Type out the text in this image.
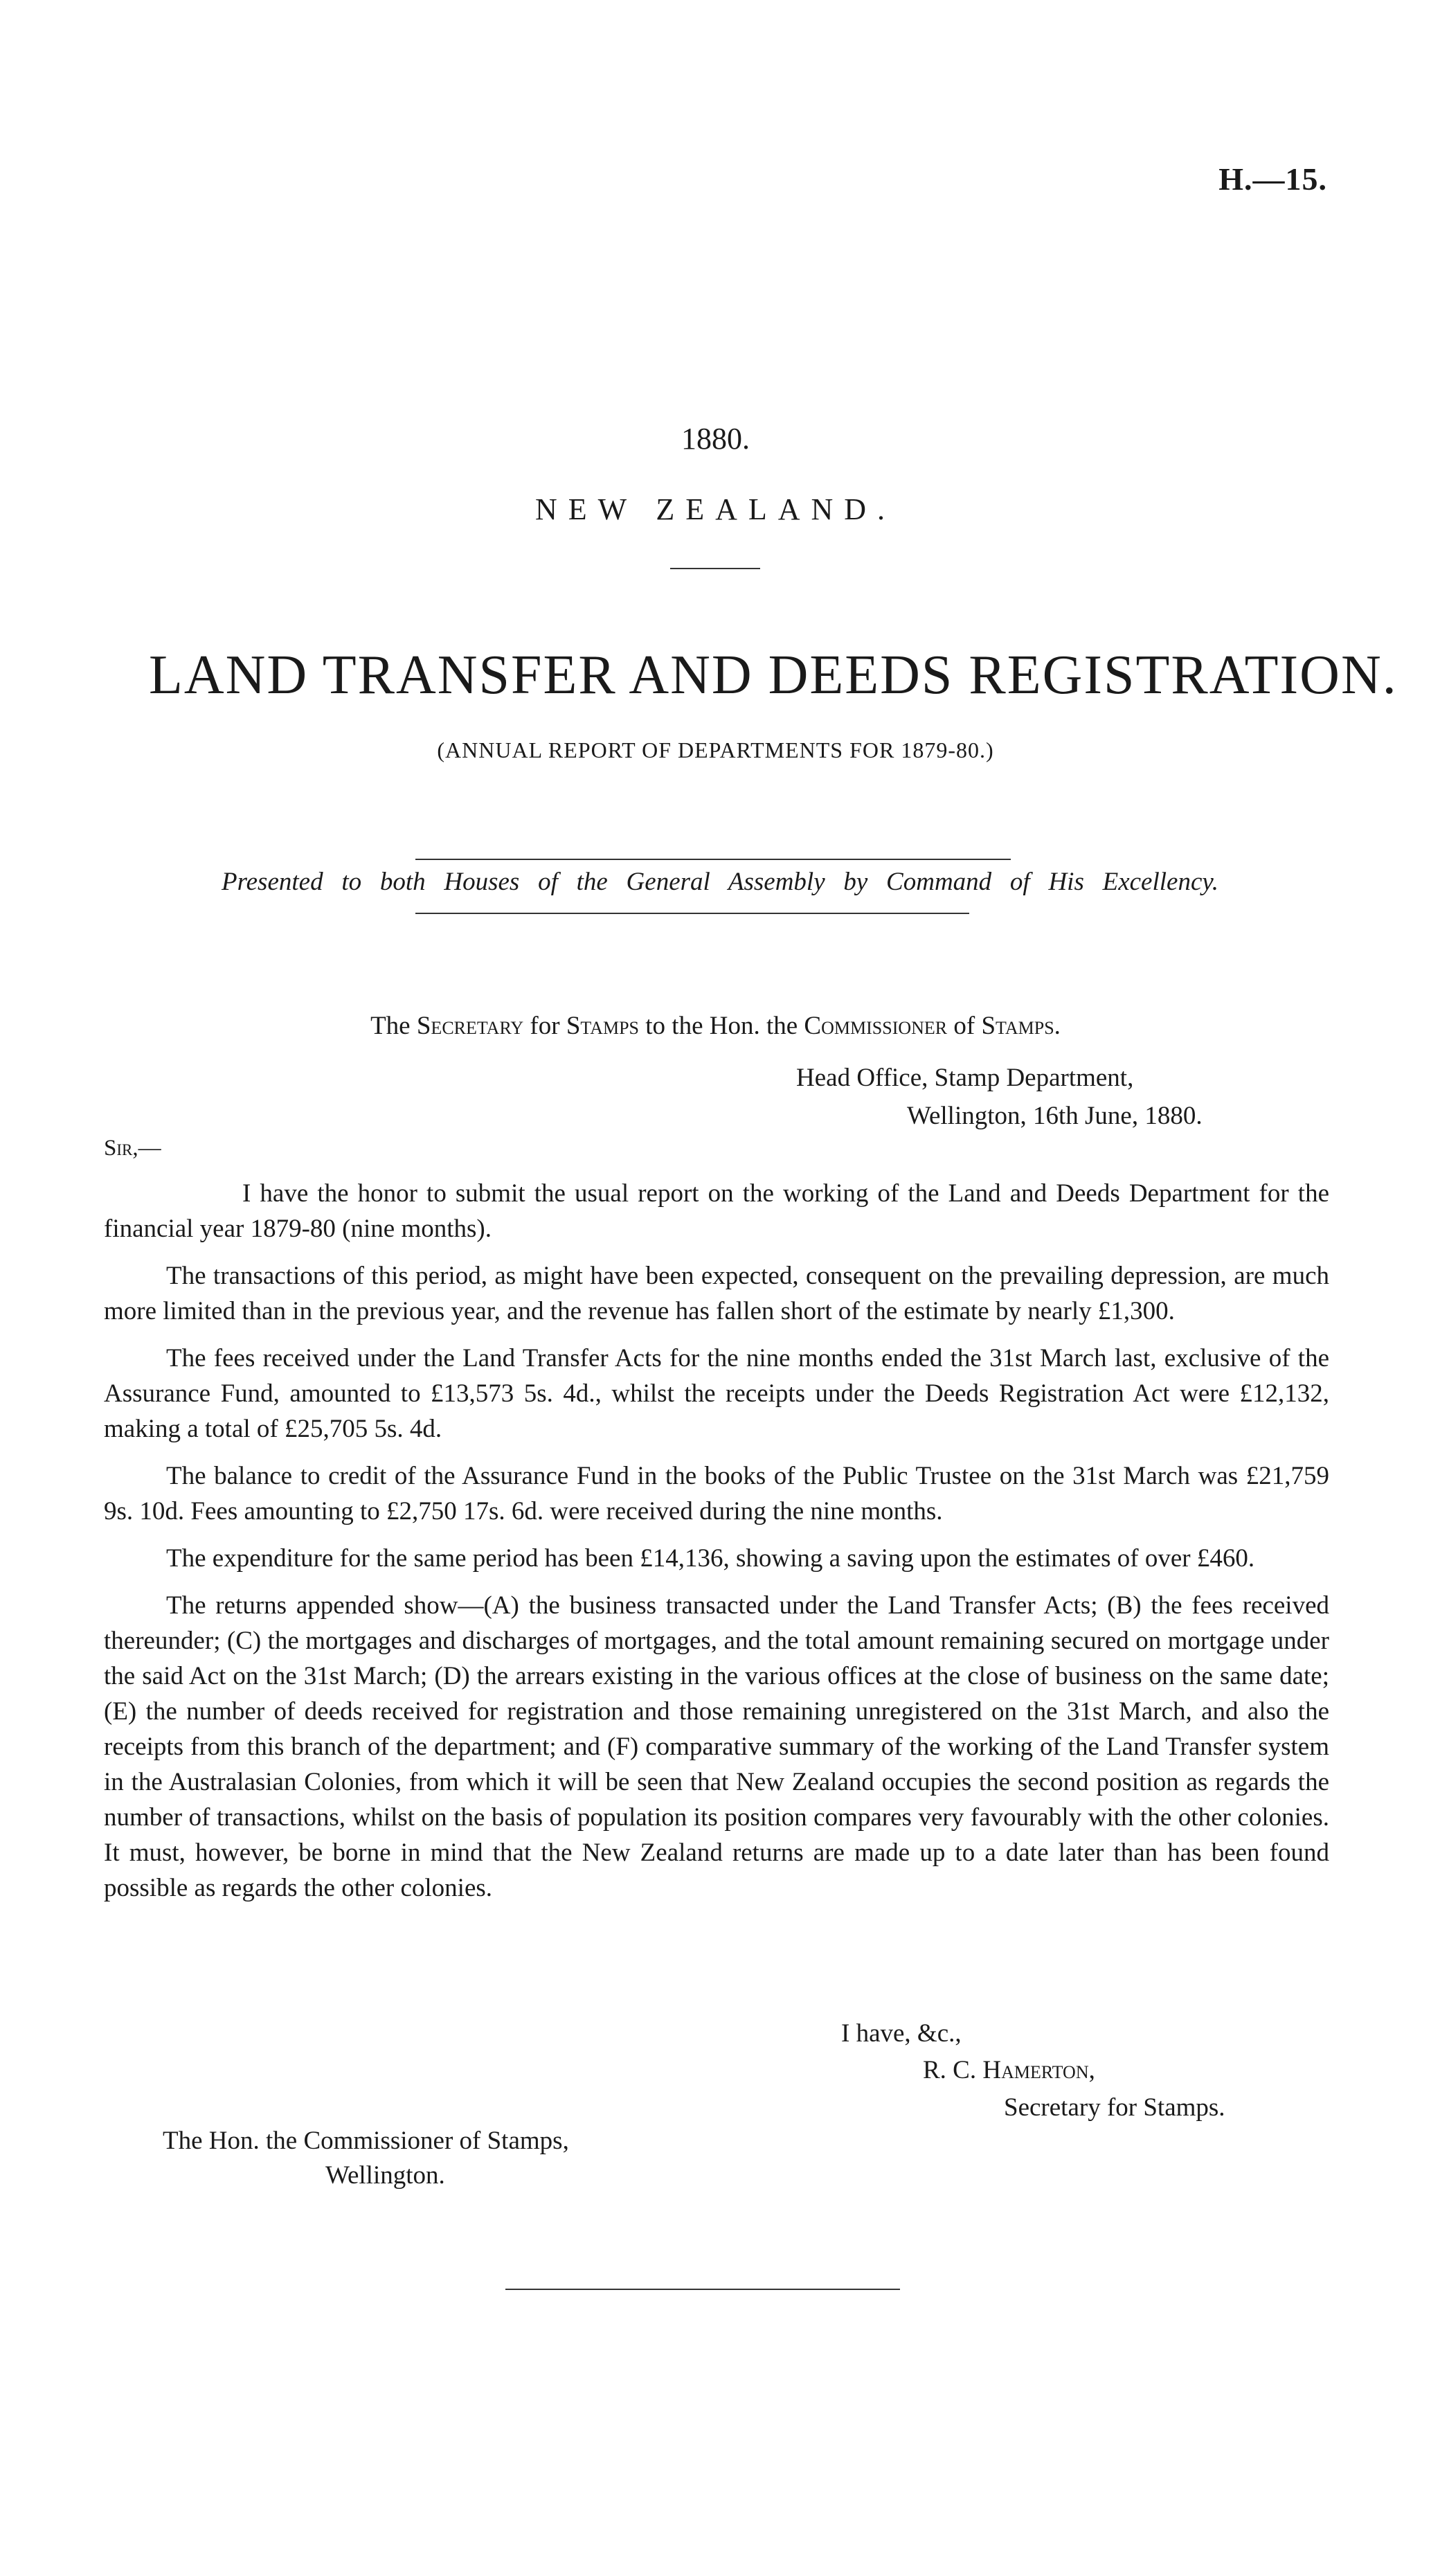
H.—15.
1880.
NEW ZEALAND.
LAND TRANSFER AND DEEDS REGISTRATION.
(ANNUAL REPORT OF DEPARTMENTS FOR 1879-80.)
Presented to both Houses of the General Assembly by Command of His Excellency.
The Secretary for Stamps to the Hon. the Commissioner of Stamps.
Head Office, Stamp Department,
Wellington, 16th June, 1880.
Sir,—

I have the honor to submit the usual report on the working of the Land and Deeds Department for the financial year 1879-80 (nine months).

The transactions of this period, as might have been expected, consequent on the prevailing depression, are much more limited than in the previous year, and the revenue has fallen short of the estimate by nearly £1,300.

The fees received under the Land Transfer Acts for the nine months ended the 31st March last, exclusive of the Assurance Fund, amounted to £13,573 5s. 4d., whilst the receipts under the Deeds Registration Act were £12,132, making a total of £25,705 5s. 4d.

The balance to credit of the Assurance Fund in the books of the Public Trustee on the 31st March was £21,759 9s. 10d. Fees amounting to £2,750 17s. 6d. were received during the nine months.

The expenditure for the same period has been £14,136, showing a saving upon the estimates of over £460.

The returns appended show—(A) the business transacted under the Land Transfer Acts; (B) the fees received thereunder; (C) the mortgages and discharges of mortgages, and the total amount remaining secured on mortgage under the said Act on the 31st March; (D) the arrears existing in the various offices at the close of business on the same date; (E) the number of deeds received for registration and those remaining unregistered on the 31st March, and also the receipts from this branch of the department; and (F) comparative summary of the working of the Land Transfer system in the Australasian Colonies, from which it will be seen that New Zealand occupies the second position as regards the number of transactions, whilst on the basis of population its position compares very favourably with the other colonies. It must, however, be borne in mind that the New Zealand returns are made up to a date later than has been found possible as regards the other colonies.

I have, &c.,
R. C. Hamerton,
Secretary for Stamps.
The Hon. the Commissioner of Stamps,
Wellington.
